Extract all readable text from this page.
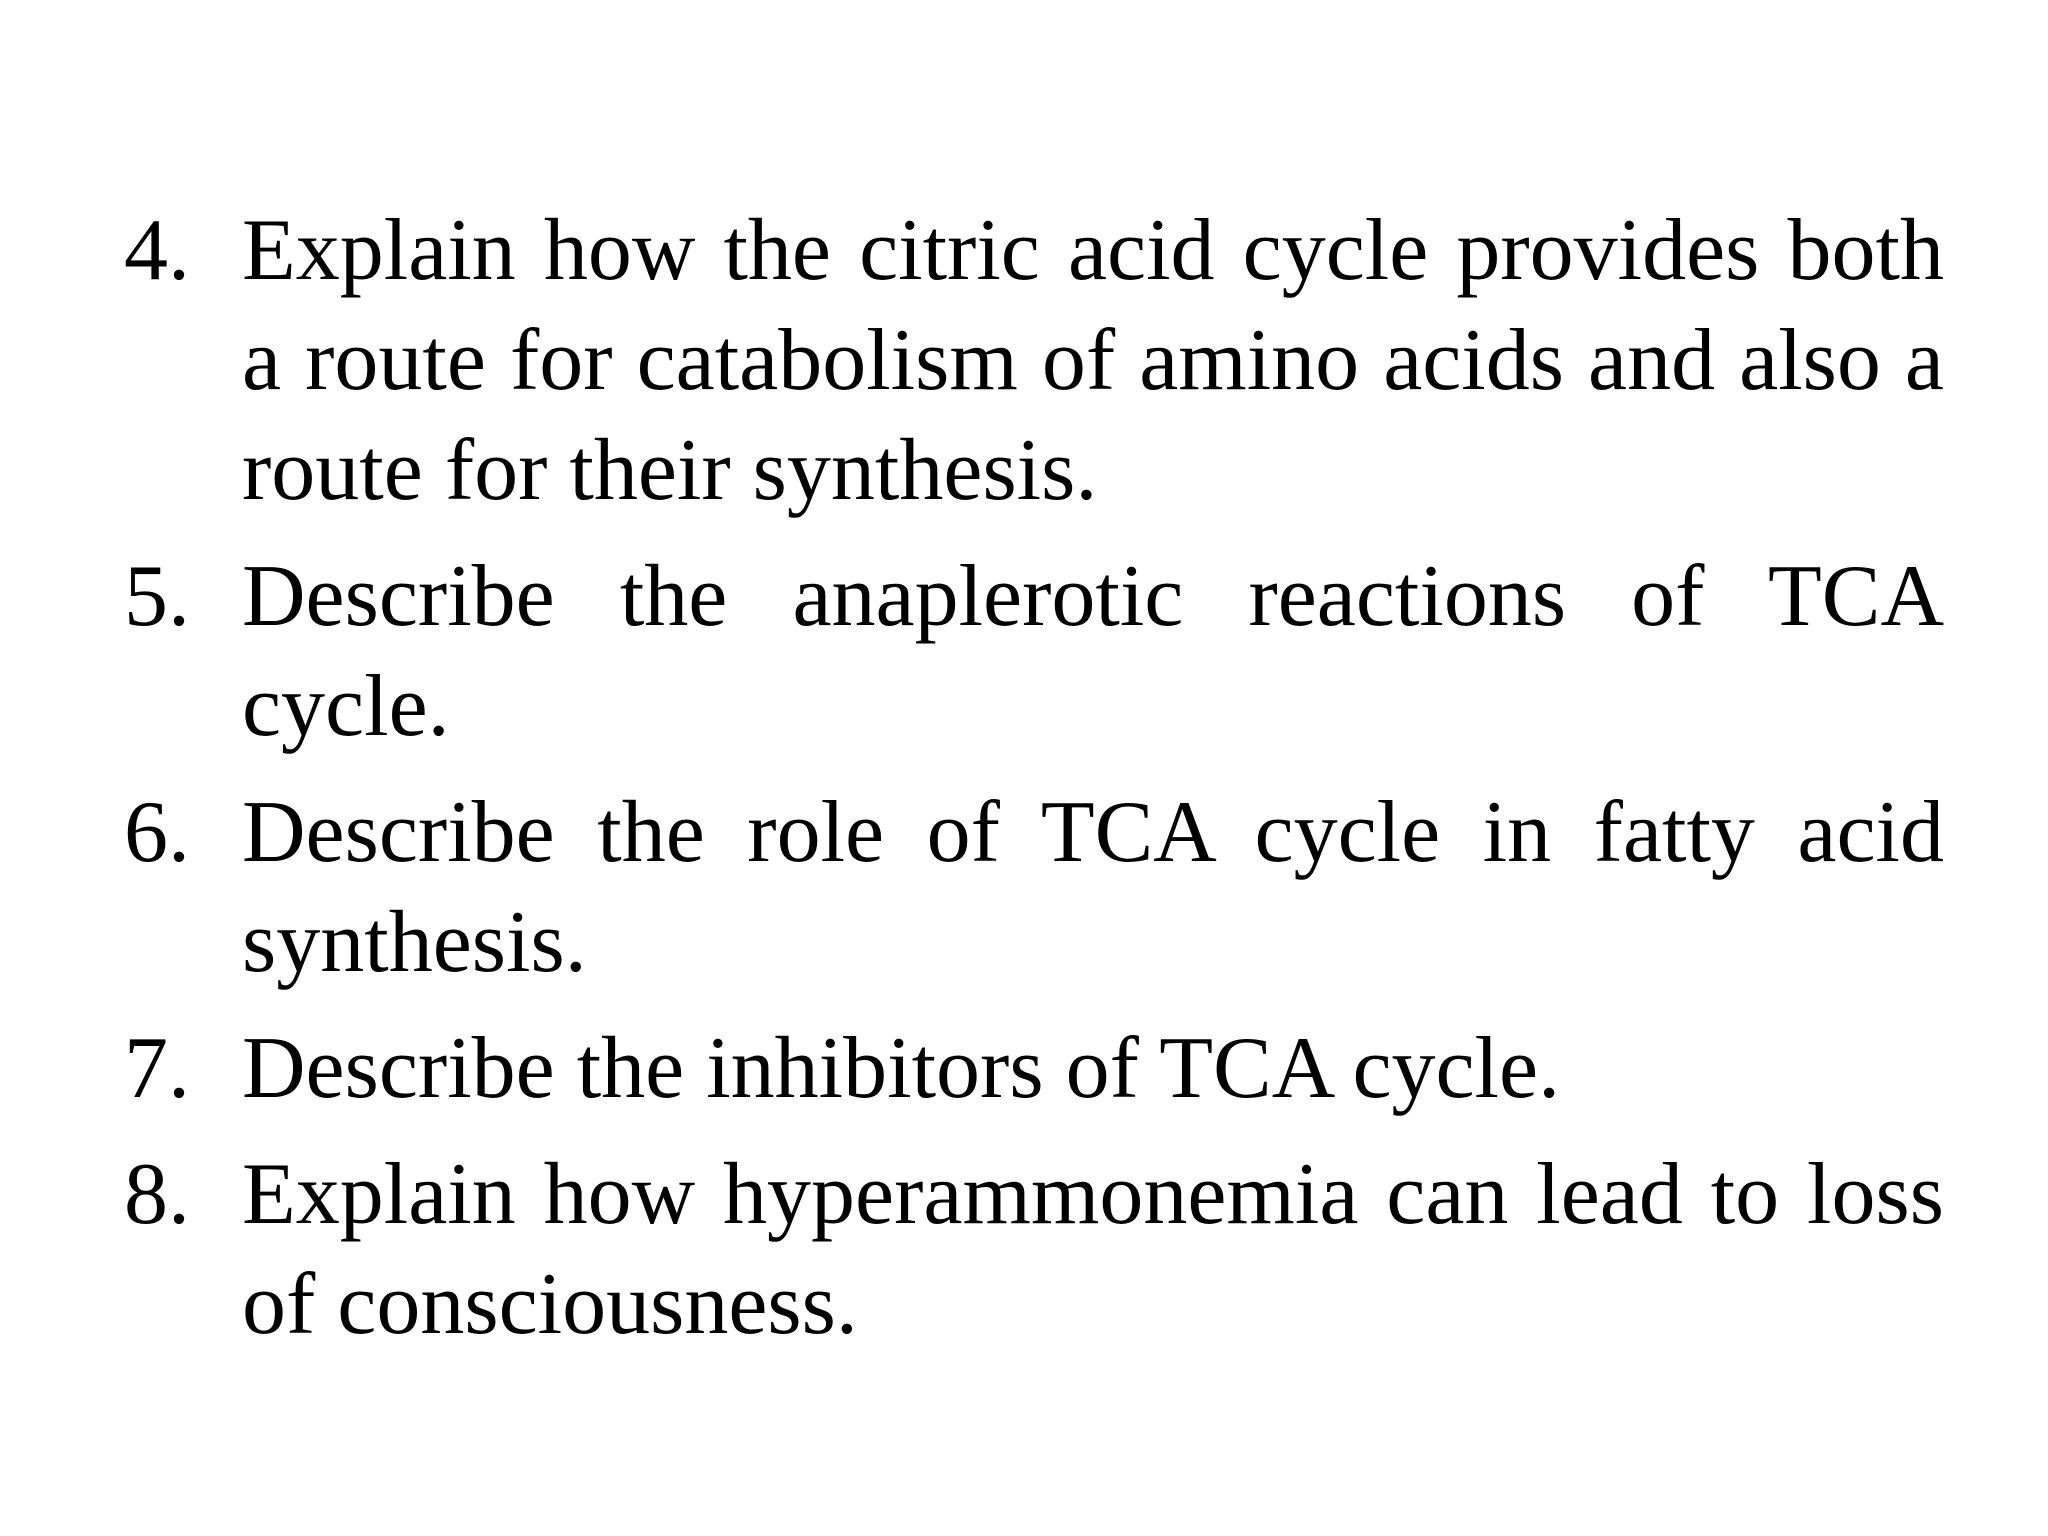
4. Explain how the citric acid cycle provides both a route for catabolism of amino acids and also a route for their synthesis.
5. Describe the anaplerotic reactions of TCA cycle.
6. Describe the role of TCA cycle in fatty acid synthesis.
7. Describe the inhibitors of TCA cycle.
8. Explain how hyperammonemia can lead to loss of consciousness.
